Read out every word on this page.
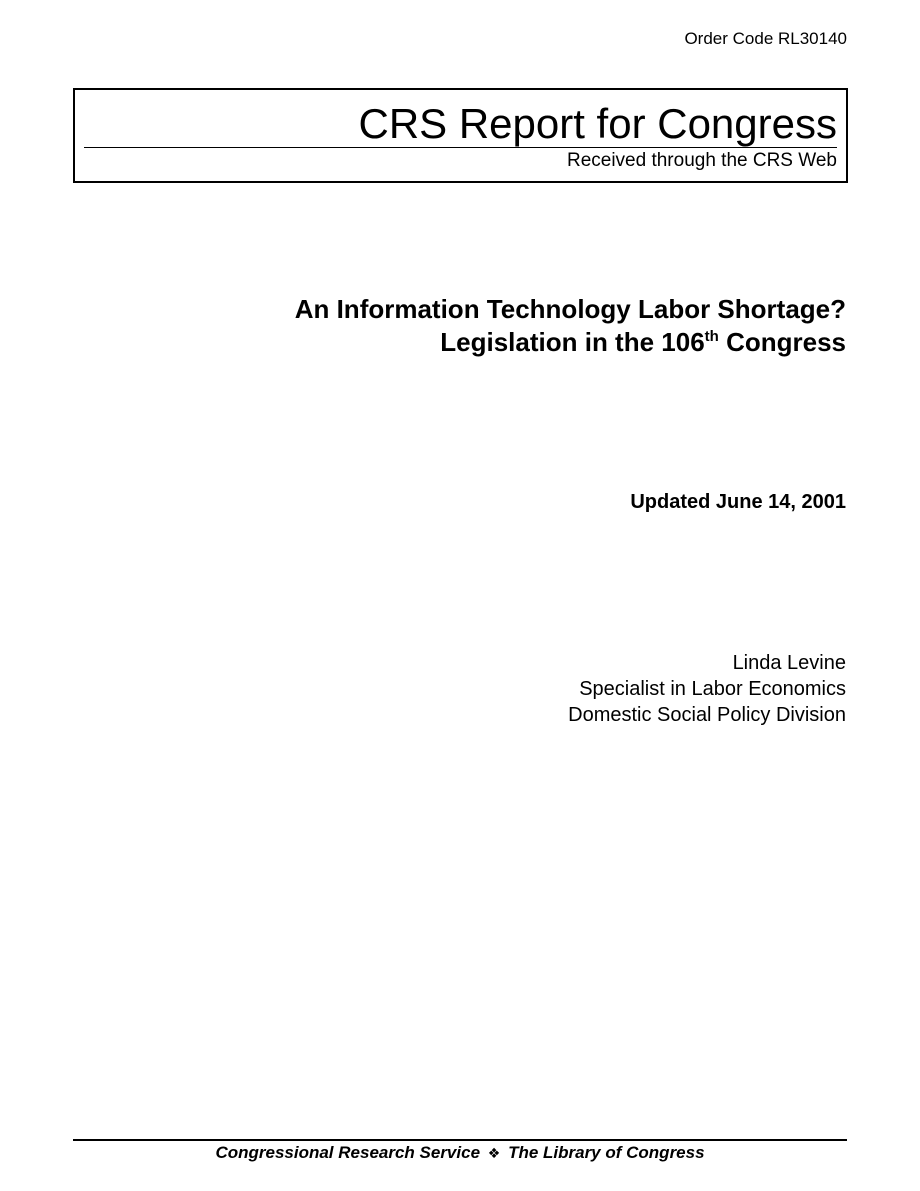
Order Code RL30140
CRS Report for Congress
Received through the CRS Web
An Information Technology Labor Shortage?
Legislation in the 106th Congress
Updated June 14, 2001
Linda Levine
Specialist in Labor Economics
Domestic Social Policy Division
Congressional Research Service ❖ The Library of Congress
